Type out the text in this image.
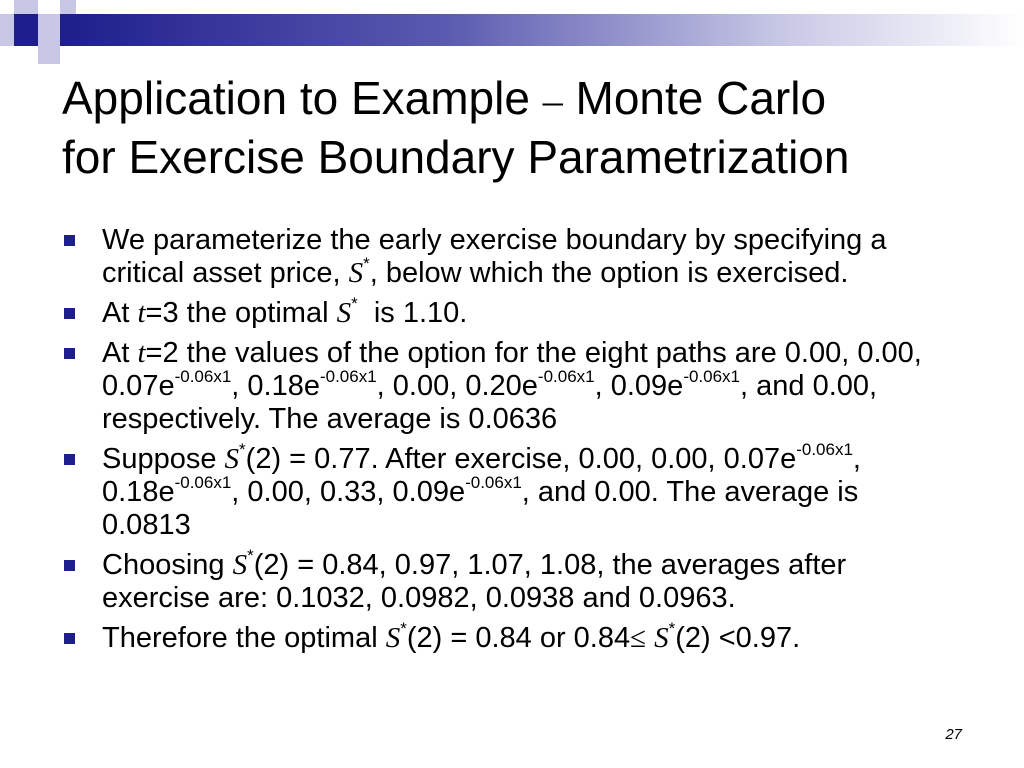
Application to Example – Monte Carlo
for Exercise Boundary Parametrization
We parameterize the early exercise boundary by specifying a critical asset price, S*, below which the option is exercised.
At t=3 the optimal S*  is 1.10.
At t=2 the values of the option for the eight paths are 0.00, 0.00, $0.07e^{-0.06x1}$, $0.18e^{-0.06x1}$, 0.00, $0.20e^{-0.06x1}$, $0.09e^{-0.06x1}$, and 0.00, respectively. The average is 0.0636
Suppose S*(2) = 0.77. After exercise, 0.00, 0.00, $0.07e^{-0.06x1}$, $0.18e^{-0.06x1}$, 0.00, 0.33, $0.09e^{-0.06x1}$, and 0.00. The average is 0.0813
Choosing S*(2) = 0.84, 0.97, 1.07, 1.08, the averages after exercise are: 0.1032, 0.0982, 0.0938 and 0.0963.
Therefore the optimal S*(2) = 0.84 or 0.84≤ S*(2) <0.97.
27
